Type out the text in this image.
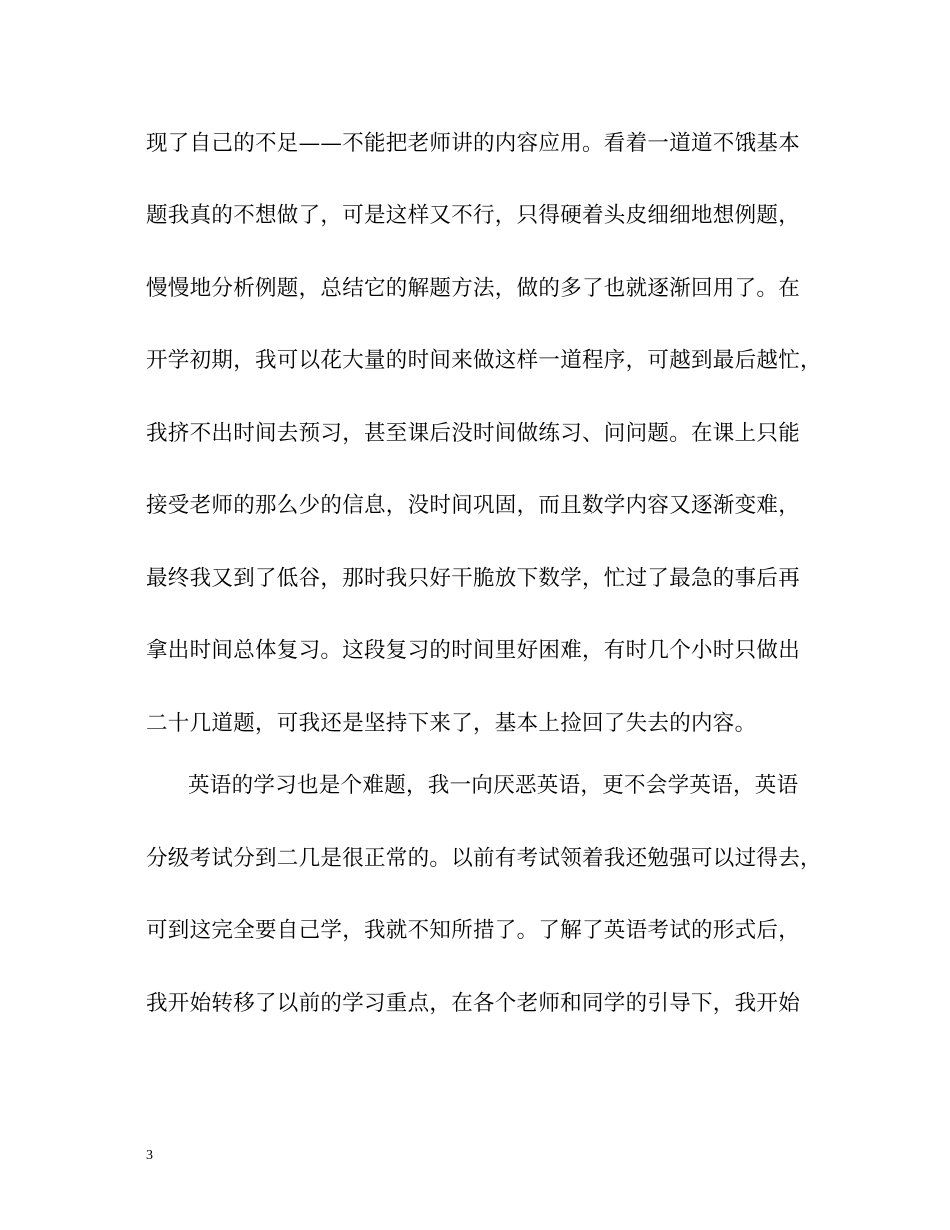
现了自己的不足——不能把老师讲的内容应用。看着一道道不饿基本
题我真的不想做了，可是这样又不行，只得硬着头皮细细地想例题，
慢慢地分析例题，总结它的解题方法，做的多了也就逐渐回用了。在
开学初期，我可以花大量的时间来做这样一道程序，可越到最后越忙，
我挤不出时间去预习，甚至课后没时间做练习、问问题。在课上只能
接受老师的那么少的信息，没时间巩固，而且数学内容又逐渐变难，
最终我又到了低谷，那时我只好干脆放下数学，忙过了最急的事后再
拿出时间总体复习。这段复习的时间里好困难，有时几个小时只做出
二十几道题，可我还是坚持下来了，基本上捡回了失去的内容。
英语的学习也是个难题，我一向厌恶英语，更不会学英语，英语
分级考试分到二几是很正常的。以前有考试领着我还勉强可以过得去，
可到这完全要自己学，我就不知所措了。了解了英语考试的形式后，
我开始转移了以前的学习重点，在各个老师和同学的引导下，我开始
3
